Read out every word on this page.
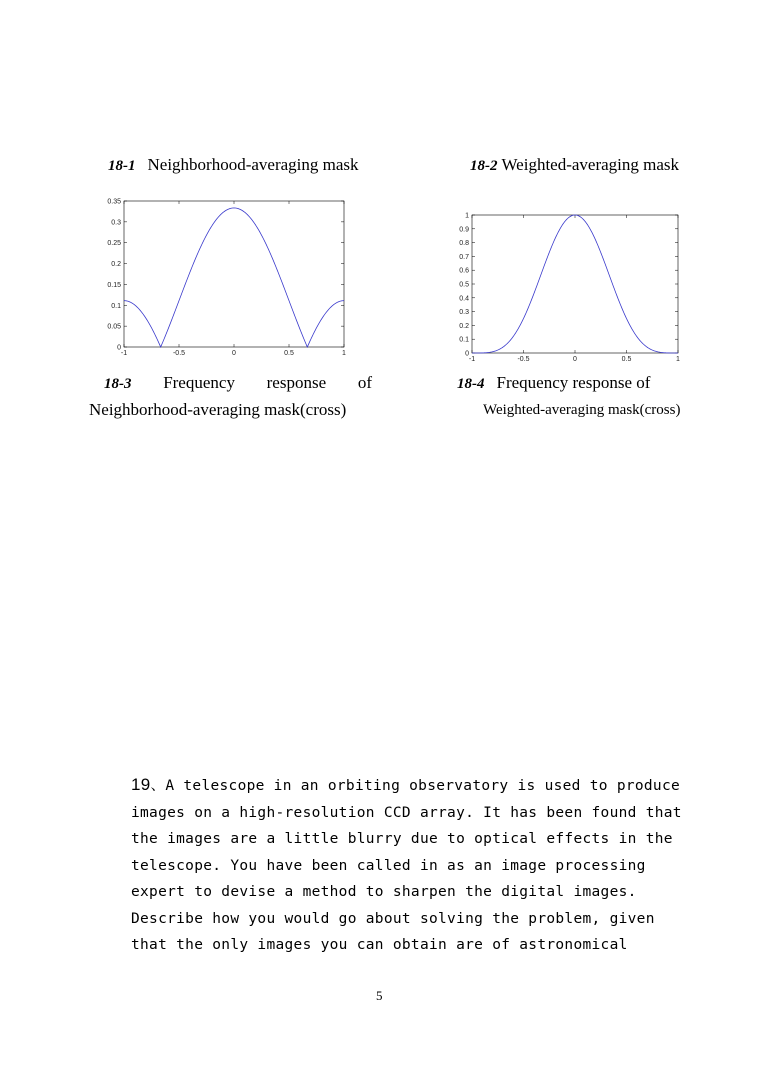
18-1 Neighborhood-averaging mask	18-2 Weighted-averaging mask
0
0.05
0.1
0.15
0.2
0.25
0.3
0.35
-1	-0.5	0	0.5	1	0
0.1
0.2
0.3
0.4
0.5
0.6
0.7
0.8
0.9
1
-1	-0.5	0	0.5	1
18-3 Frequency response of
Neighborhood-averaging mask(cross)
18-4 Frequency response of
Weighted-averaging mask(cross)
19、A telescope in an orbiting observatory is used to produce
images on a high-resolution CCD array. It has been found that
the images are a little blurry due to optical effects in the
telescope. You have been called in as an image processing
expert to devise a method to sharpen the digital images.
Describe how you would go about solving the problem, given
that the only images you can obtain are of astronomical
5
